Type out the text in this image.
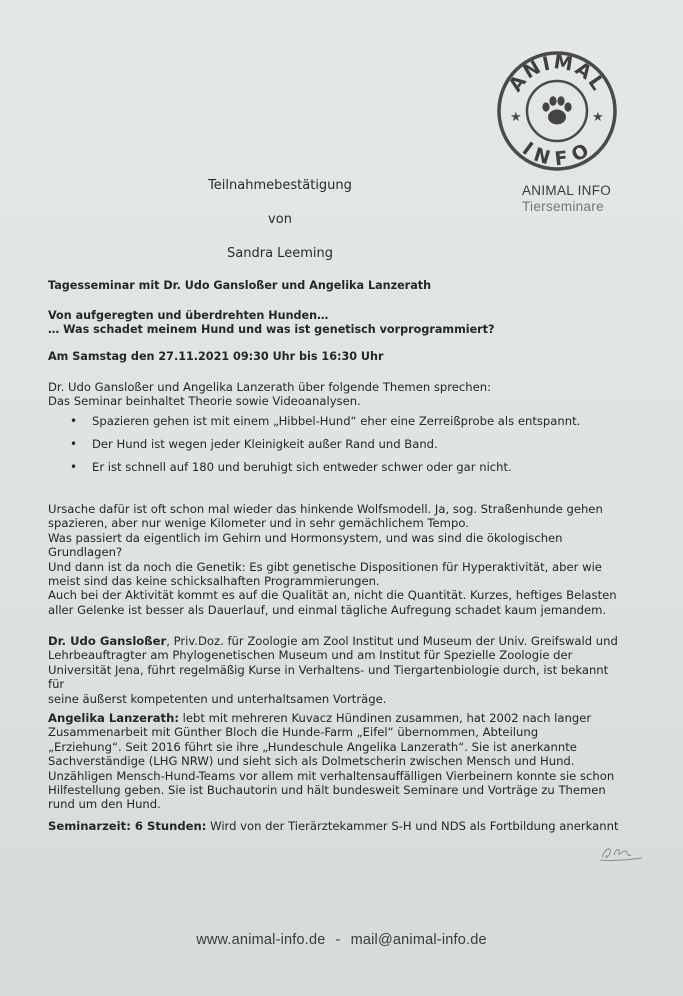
ANIMAL
INFO
★	★
ANIMAL INFO
Tierseminare
Teilnahmebestätigung
von
Sandra Leeming
Tagesseminar mit Dr. Udo Gansloßer und Angelika Lanzerath
Von aufgeregten und überdrehten Hunden…
… Was schadet meinem Hund und was ist genetisch vorprogrammiert?
Am Samstag den 27.11.2021 09:30 Uhr bis 16:30 Uhr
Dr. Udo Gansloßer und Angelika Lanzerath über folgende Themen sprechen:
Das Seminar beinhaltet Theorie sowie Videoanalysen.
• Spazieren gehen ist mit einem „Hibbel-Hund“ eher eine Zerreißprobe als entspannt.
• Der Hund ist wegen jeder Kleinigkeit außer Rand und Band.
• Er ist schnell auf 180 und beruhigt sich entweder schwer oder gar nicht.
Ursache dafür ist oft schon mal wieder das hinkende Wolfsmodell. Ja, sog. Straßenhunde gehen
spazieren, aber nur wenige Kilometer und in sehr gemächlichem Tempo.
Was passiert da eigentlich im Gehirn und Hormonsystem, und was sind die ökologischen
Grundlagen?
Und dann ist da noch die Genetik: Es gibt genetische Dispositionen für Hyperaktivität, aber wie
meist sind das keine schicksalhaften Programmierungen.
Auch bei der Aktivität kommt es auf die Qualität an, nicht die Quantität. Kurzes, heftiges Belasten
aller Gelenke ist besser als Dauerlauf, und einmal tägliche Aufregung schadet kaum jemandem.
Dr. Udo Gansloßer, Priv.Doz. für Zoologie am Zool Institut und Museum der Univ. Greifswald und
Lehrbeauftragter am Phylogenetischen Museum und am Institut für Spezielle Zoologie der
Universität Jena, führt regelmäßig Kurse in Verhaltens- und Tiergartenbiologie durch, ist bekannt für
seine äußerst kompetenten und unterhaltsamen Vorträge.
Angelika Lanzerath: lebt mit mehreren Kuvacz Hündinen zusammen, hat 2002 nach langer
Zusammenarbeit mit Günther Bloch die Hunde-Farm „Eifel“ übernommen, Abteilung
„Erziehung“. Seit 2016 führt sie ihre „Hundeschule Angelika Lanzerath“. Sie ist anerkannte
Sachverständige (LHG NRW) und sieht sich als Dolmetscherin zwischen Mensch und Hund.
Unzähligen Mensch-Hund-Teams vor allem mit verhaltensauffälligen Vierbeinern konnte sie schon
Hilfestellung geben. Sie ist Buchautorin und hält bundesweit Seminare und Vorträge zu Themen
rund um den Hund.
Seminarzeit: 6 Stunden: Wird von der Tierärztekammer S-H und NDS als Fortbildung anerkannt
www.animal-info.de - mail@animal-info.de
